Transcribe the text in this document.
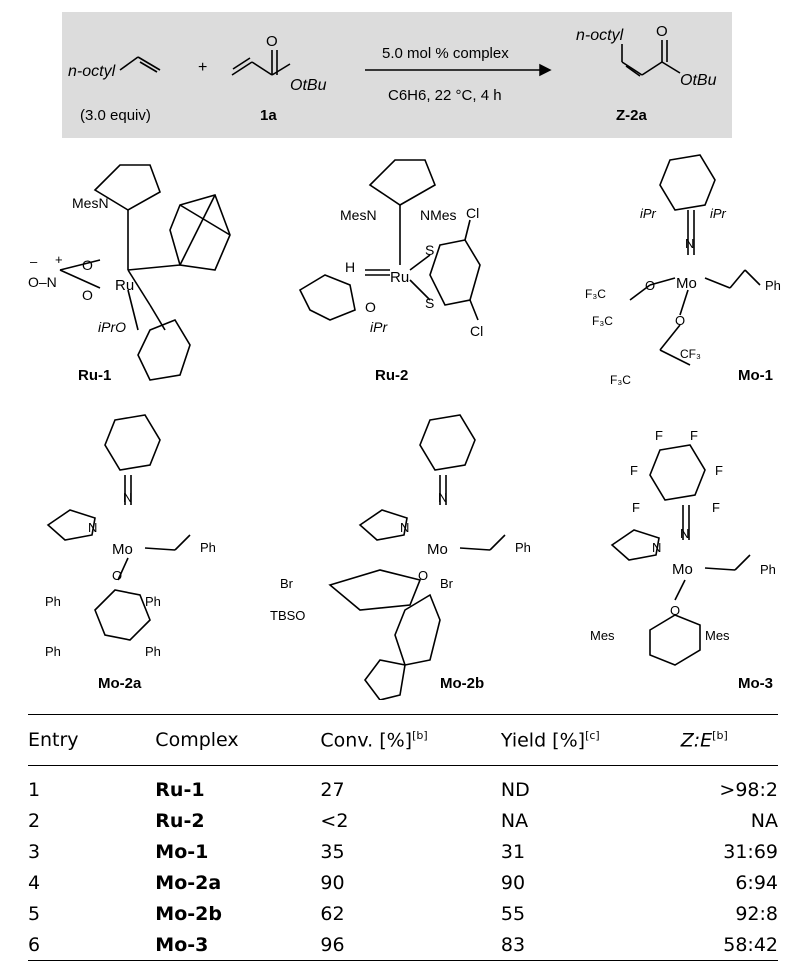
n-octyl
(3.0 equiv)
+
O
OtBu
1a
5.0 mol % complex
C6H6, 22 °C, 4 h
n-octyl O
OtBu
Z-2a
MesN
Ru
–
O–N
+ O
O
iPrO
Ru-1
MesN	NMes
H
Ru
O
iPr
S
S
Cl
Cl
Ru-2
iPr	iPr
N
Mo
O
O
Ph
F₃C
F₃C
CF₃
F₃C	Mo-1
N
N
Mo
O
Ph
Ph	Ph
Ph	Ph
Mo-2a
N
N
Mo
O
Ph
Br
TBSO
Br
Mo-2b
F F
F	F
F	F
N
N
Mo
O
Ph
Mes	Mes
Mo-3
Entry	Complex	Conv. [%][b]	Yield [%][c]	Z:E[b]
1	Ru-1	27	ND	>98:2
2	Ru-2	<2	NA	NA
3	Mo-1	35	31	31:69
4	Mo-2a	90	90	6:94
5	Mo-2b	62	55	92:8
6	Mo-3	96	83	58:42
